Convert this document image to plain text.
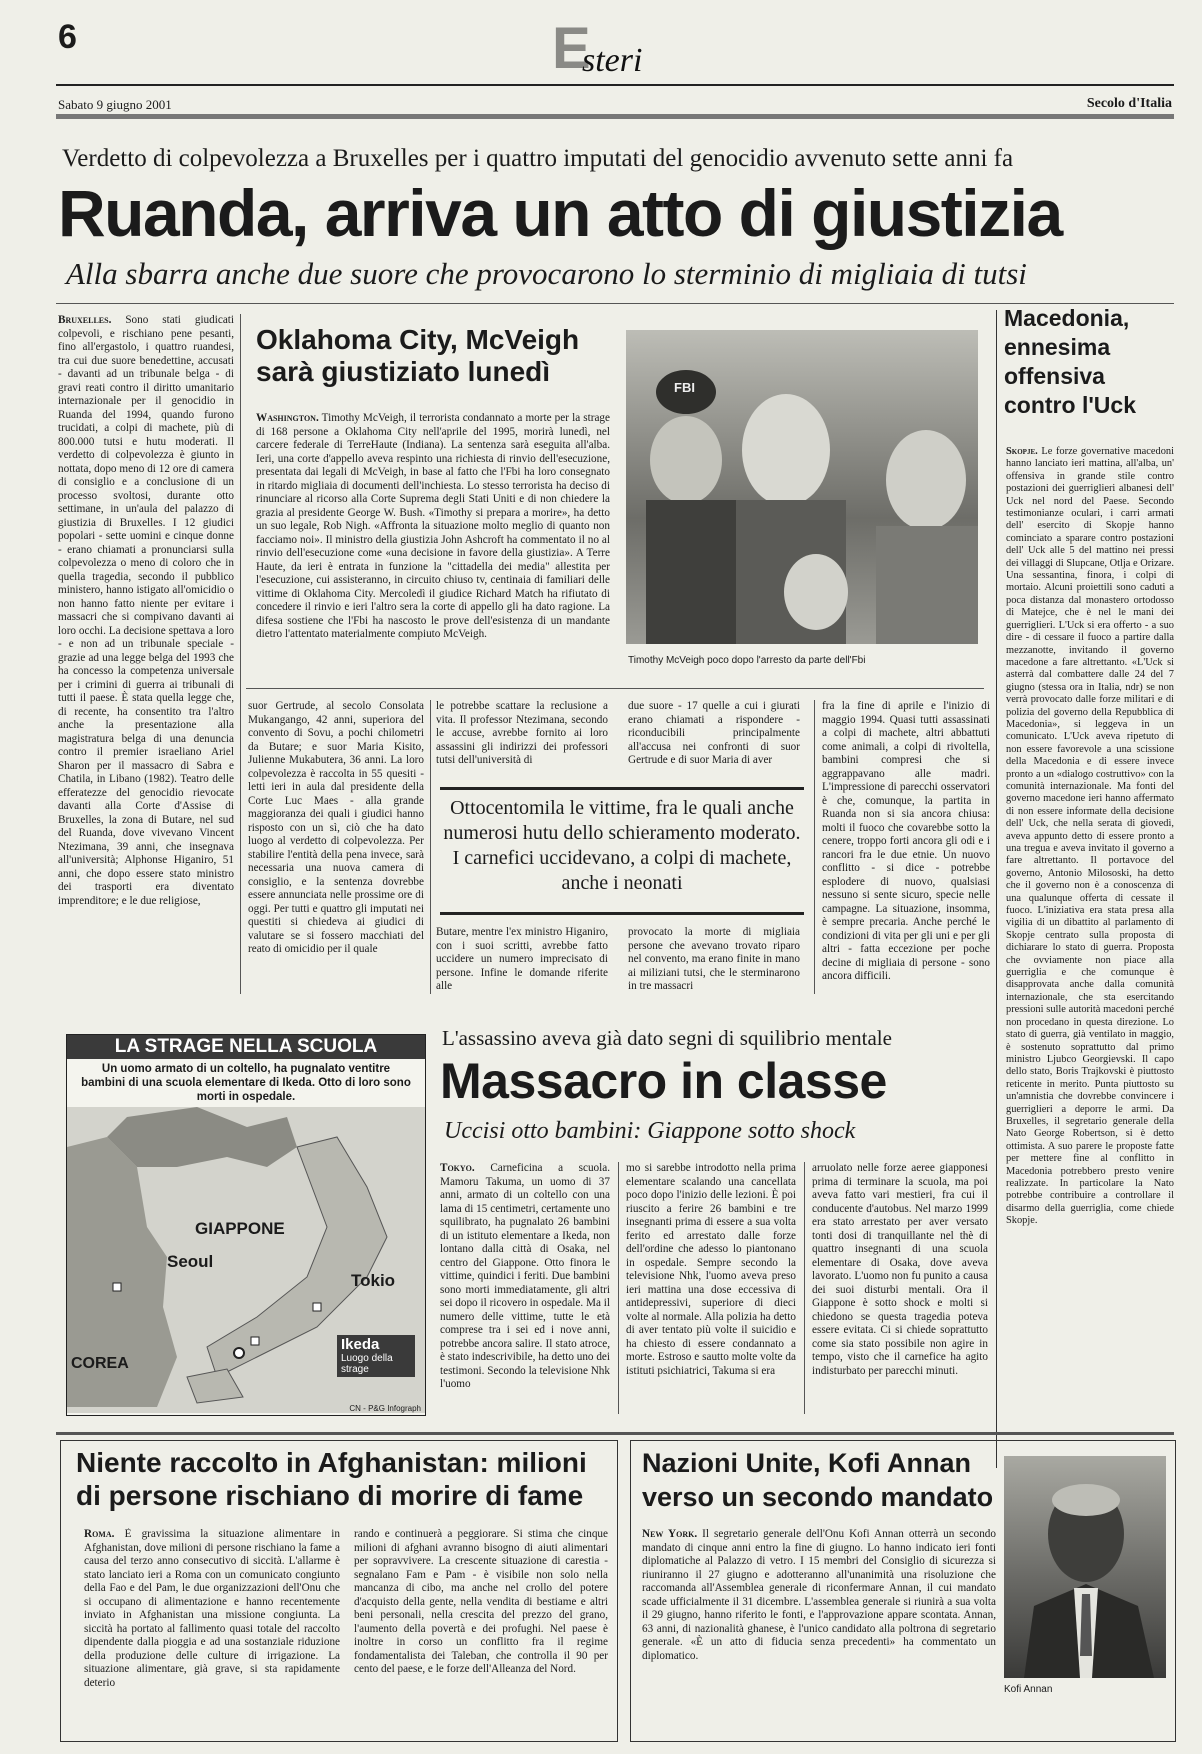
6	E
steri
Sabato 9 giugno 2001	Secolo d'Italia
Verdetto di colpevolezza a Bruxelles per i quattro imputati del genocidio avvenuto sette anni fa
Ruanda, arriva un atto di giustizia
Alla sbarra anche due suore che provocarono lo sterminio di migliaia di tutsi

Bruxelles. Sono stati giudicati colpevoli, e rischiano pene pesanti, fino all'ergastolo, i quattro ruandesi, tra cui due suore benedettine, accusati - davanti ad un tribunale belga - di gravi reati contro il diritto umanitario internazionale per il genocidio in Ruanda del 1994, quando furono trucidati, a colpi di machete, più di 800.000 tutsi e hutu moderati. Il verdetto di colpevolezza è giunto in nottata, dopo meno di 12 ore di camera di consiglio e a conclusione di un processo svoltosi, durante otto settimane, in un'aula del palazzo di giustizia di Bruxelles. I 12 giudici popolari - sette uomini e cinque donne - erano chiamati a pronunciarsi sulla colpevolezza o meno di coloro che in quella tragedia, secondo il pubblico ministero, hanno istigato all'omicidio o non hanno fatto niente per evitare i massacri che si compivano davanti ai loro occhi. La decisione spettava a loro - e non ad un tribunale speciale - grazie ad una legge belga del 1993 che ha concesso la competenza universale per i crimini di guerra ai tribunali di tutti il paese. È stata quella legge che, di recente, ha consentito tra l'altro anche la presentazione alla magistratura belga di una denuncia contro il premier israeliano Ariel Sharon per il massacro di Sabra e Chatila, in Libano (1982). Teatro delle efferatezze del genocidio rievocate davanti alla Corte d'Assise di Bruxelles, la zona di Butare, nel sud del Ruanda, dove vivevano Vincent Ntezimana, 39 anni, che insegnava all'università; Alphonse Higaniro, 51 anni, che dopo essere stato ministro dei trasporti era diventato imprenditore; e le due religiose,

Oklahoma City, McVeigh sarà giustiziato lunedì

Washington. Timothy McVeigh, il terrorista condannato a morte per la strage di 168 persone a Oklahoma City nell'aprile del 1995, morirà lunedì, nel carcere federale di TerreHaute (Indiana). La sentenza sarà eseguita all'alba. Ieri, una corte d'appello aveva respinto una richiesta di rinvio dell'esecuzione, presentata dai legali di McVeigh, in base al fatto che l'Fbi ha loro consegnato in ritardo migliaia di documenti dell'inchiesta. Lo stesso terrorista ha deciso di rinunciare al ricorso alla Corte Suprema degli Stati Uniti e di non chiedere la grazia al presidente George W. Bush. «Timothy si prepara a morire», ha detto un suo legale, Rob Nigh. «Affronta la situazione molto meglio di quanto non facciamo noi». Il ministro della giustizia John Ashcroft ha commentato il no al rinvio dell'esecuzione come «una decisione in favore della giustizia». A Terre Haute, da ieri è entrata in funzione la "cittadella dei media" allestita per l'esecuzione, cui assisteranno, in circuito chiuso tv, centinaia di familiari delle vittime di Oklahoma City. Mercoledì il giudice Richard Match ha rifiutato di concedere il rinvio e ieri l'altro sera la corte di appello gli ha dato ragione. La difesa sostiene che l'Fbi ha nascosto le prove dell'esistenza di un mandante dietro l'attentato materialmente compiuto McVeigh.

FBI
Timothy McVeigh poco dopo l'arresto da parte dell'Fbi
suor Gertrude, al secolo Consolata Mukangango, 42 anni, superiora del convento di Sovu, a pochi chilometri da Butare; e suor Maria Kisito, Julienne Mukabutera, 36 anni. La loro colpevolezza è raccolta in 55 quesiti - letti ieri in aula dal presidente della Corte Luc Maes - alla grande maggioranza dei quali i giudici hanno risposto con un sì, ciò che ha dato luogo al verdetto di colpevolezza. Per stabilire l'entità della pena invece, sarà necessaria una nuova camera di consiglio, e la sentenza dovrebbe essere annunciata nelle prossime ore di oggi. Per tutti e quattro gli imputati nei questiti si chiedeva ai giudici di valutare se si fossero macchiati del reato di omicidio per il quale
le potrebbe scattare la reclusione a vita. Il professor Ntezimana, secondo le accuse, avrebbe fornito ai loro assassini gli indirizzi dei professori tutsi dell'università di
due suore - 17 quelle a cui i giurati erano chiamati a rispondere - riconducibili principalmente all'accusa nei confronti di suor Gertrude e di suor Maria di aver
Ottocentomila le vittime, fra le quali anche numerosi hutu dello schieramento moderato. I carnefici uccidevano, a colpi di machete, anche i neonati
Butare, mentre l'ex ministro Higaniro, con i suoi scritti, avrebbe fatto uccidere un numero imprecisato di persone. Infine le domande riferite alle
provocato la morte di migliaia persone che avevano trovato riparo nel convento, ma erano finite in mano ai miliziani tutsi, che le sterminarono in tre massacri
fra la fine di aprile e l'inizio di maggio 1994. Quasi tutti assassinati a colpi di machete, altri abbattuti come animali, a colpi di rivoltella, bambini compresi che si aggrappavano alle madri. L'impressione di parecchi osservatori è che, comunque, la partita in Ruanda non si sia ancora chiusa: molti il fuoco che covarebbe sotto la cenere, troppo forti ancora gli odi e i rancori fra le due etnie. Un nuovo conflitto - si dice - potrebbe esplodere di nuovo, qualsiasi nessuno si sente sicuro, specie nelle campagne. La situazione, insomma, è sempre precaria. Anche perché le condizioni di vita per gli uni e per gli altri - fatta eccezione per poche decine di migliaia di persone - sono ancora difficili.
Macedonia, ennesima offensiva contro l'Uck

Skopje. Le forze governative macedoni hanno lanciato ieri mattina, all'alba, un' offensiva in grande stile contro postazioni dei guerriglieri albanesi dell' Uck nel nord del Paese. Secondo testimonianze oculari, i carri armati dell' esercito di Skopje hanno cominciato a sparare contro postazioni dell' Uck alle 5 del mattino nei pressi dei villaggi di Slupcane, Otlja e Orizare. Una sessantina, finora, i colpi di mortaio. Alcuni proiettili sono caduti a poca distanza dal monastero ortodosso di Matejce, che è nel le mani dei guerriglieri. L'Uck si era offerto - a suo dire - di cessare il fuoco a partire dalla mezzanotte, invitando il governo macedone a fare altrettanto. «L'Uck si asterrà dal combattere dalle 24 del 7 giugno (stessa ora in Italia, ndr) se non verrà provocato dalle forze militari e di polizia del governo della Repubblica di Macedonia», si leggeva in un comunicato. L'Uck aveva ripetuto di non essere favorevole a una scissione della Macedonia e di essere invece pronto a un «dialogo costruttivo» con la comunità internazionale. Ma fonti del governo macedone ieri hanno affermato di non essere informate della decisione dell' Uck, che nella serata di giovedì, aveva appunto detto di essere pronto a una tregua e aveva invitato il governo a fare altrettanto. Il portavoce del governo, Antonio Milososki, ha detto che il governo non è a conoscenza di una qualunque offerta di cessate il fuoco. L'iniziativa era stata presa alla vigilia di un dibattito al parlamento di Skopje centrato sulla proposta di dichiarare lo stato di guerra. Proposta che ovviamente non piace alla guerriglia e che comunque è disapprovata anche dalla comunità internazionale, che sta esercitando pressioni sulle autorità macedoni perché non procedano in questa direzione. Lo stato di guerra, già ventilato in maggio, è sostenuto soprattutto dal primo ministro Ljubco Georgievski. Il capo dello stato, Boris Trajkovski è piuttosto reticente in merito. Punta piuttosto su un'amnistia che dovrebbe convincere i guerriglieri a deporre le armi. Da Bruxelles, il segretario generale della Nato George Robertson, si è detto ottimista. A suo parere le proposte fatte per mettere fine al conflitto in Macedonia potrebbero presto venire realizzate. In particolare la Nato potrebbe contribuire a controllare il disarmo della guerriglia, come chiede Skopje.

LA STRAGE NELLA SCUOLA
Un uomo armato di un coltello, ha pugnalato ventitre bambini di una scuola elementare di Ikeda. Otto di loro sono morti in ospedale.
GIAPPONE
Seoul
Tokio
COREA
Ikeda
Luogo della strage
CN - P&G Infograph
L'assassino aveva già dato segni di squilibrio mentale
Massacro in classe
Uccisi otto bambini: Giappone sotto shock

Tokyo. Carneficina a scuola. Mamoru Takuma, un uomo di 37 anni, armato di un coltello con una lama di 15 centimetri, certamente uno squilibrato, ha pugnalato 26 bambini di un istituto elementare a Ikeda, non lontano dalla città di Osaka, nel centro del Giappone. Otto finora le vittime, quindici i feriti. Due bambini sono morti immediatamente, gli altri sei dopo il ricovero in ospedale. Ma il numero delle vittime, tutte le età comprese tra i sei ed i nove anni, potrebbe ancora salire. Il stato atroce, è stato indescrivibile, ha detto uno dei testimoni. Secondo la televisione Nhk l'uomo

mo si sarebbe introdotto nella prima elementare scalando una cancellata poco dopo l'inizio delle lezioni. È poi riuscito a ferire 26 bambini e tre insegnanti prima di essere a sua volta ferito ed arrestato dalle forze dell'ordine che adesso lo piantonano in ospedale. Sempre secondo la televisione Nhk, l'uomo aveva preso ieri mattina una dose eccessiva di antidepressivi, superiore di dieci volte al normale. Alla polizia ha detto di aver tentato più volte il suicidio e ha chiesto di essere condannato a morte. Estroso e sautto molte volte da istituti psichiatrici, Takuma si era
arruolato nelle forze aeree giapponesi prima di terminare la scuola, ma poi aveva fatto vari mestieri, fra cui il conducente d'autobus. Nel marzo 1999 era stato arrestato per aver versato tonti dosi di tranquillante nel thè di quattro insegnanti di una scuola elementare di Osaka, dove aveva lavorato. L'uomo non fu punito a causa dei suoi disturbi mentali. Ora il Giappone è sotto shock e molti si chiedono se questa tragedia poteva essere evitata. Ci si chiede soprattutto come sia stato possibile non agire in tempo, visto che il carnefice ha agito indisturbato per parecchi minuti.
Niente raccolto in Afghanistan: milioni di persone rischiano di morire di fame

Roma. È gravissima la situazione alimentare in Afghanistan, dove milioni di persone rischiano la fame a causa del terzo anno consecutivo di siccità. L'allarme è stato lanciato ieri a Roma con un comunicato congiunto della Fao e del Pam, le due organizzazioni dell'Onu che si occupano di alimentazione e hanno recentemente inviato in Afghanistan una missione congiunta. La siccità ha portato al fallimento quasi totale del raccolto dipendente dalla pioggia e ad una sostanziale riduzione della produzione delle culture di irrigazione. La situazione alimentare, già grave, si sta rapidamente deterio

rando e continuerà a peggiorare. Si stima che cinque milioni di afghani avranno bisogno di aiuti alimentari per sopravvivere. La crescente situazione di carestia - segnalano Fam e Pam - è visibile non solo nella mancanza di cibo, ma anche nel crollo del potere d'acquisto della gente, nella vendita di bestiame e altri beni personali, nella crescita del prezzo del grano, l'aumento della povertà e dei profughi. Nel paese è inoltre in corso un conflitto fra il regime fondamentalista dei Taleban, che controlla il 90 per cento del paese, e le forze dell'Alleanza del Nord.
Nazioni Unite, Kofi Annan verso un secondo mandato

New York. Il segretario generale dell'Onu Kofi Annan otterrà un secondo mandato di cinque anni entro la fine di giugno. Lo hanno indicato ieri fonti diplomatiche al Palazzo di vetro. I 15 membri del Consiglio di sicurezza si riuniranno il 27 giugno e adotteranno all'unanimità una risoluzione che raccomanda all'Assemblea generale di riconfermare Annan, il cui mandato scade ufficialmente il 31 dicembre. L'assemblea generale si riunirà a sua volta il 29 giugno, hanno riferito le fonti, e l'approvazione appare scontata. Annan, 63 anni, di nazionalità ghanese, è l'unico candidato alla poltrona di segretario generale. «È un atto di fiducia senza precedenti» ha commentato un diplomatico.

Kofi Annan
